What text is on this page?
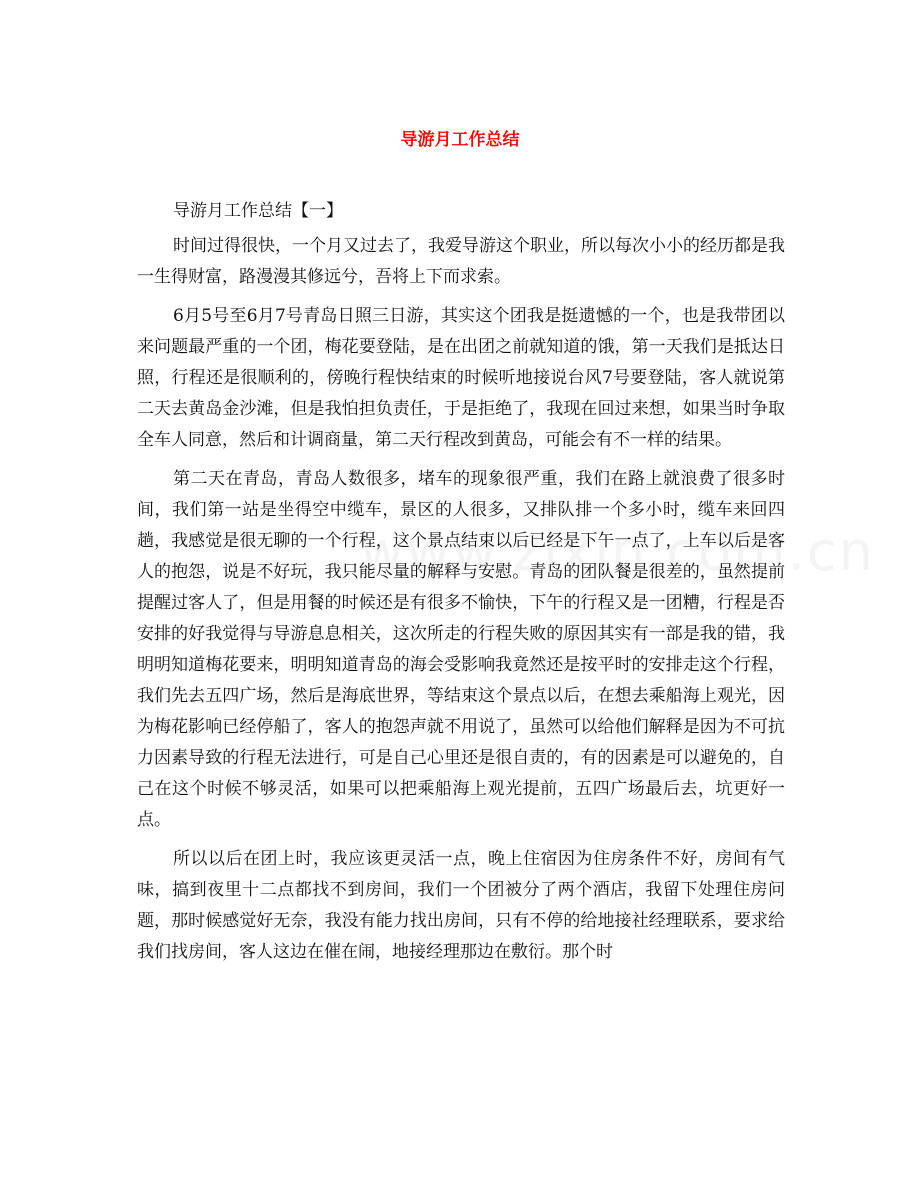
导游月工作总结

导游月工作总结【一】

时间过得很快，一个月又过去了，我爱导游这个职业，所以每次小小的经历都是我一生得财富，路漫漫其修远兮，吾将上下而求索。

6月5号至6月7号青岛日照三日游，其实这个团我是挺遗憾的一个，也是我带团以来问题最严重的一个团，梅花要登陆，是在出团之前就知道的饿，第一天我们是抵达日照，行程还是很顺利的，傍晚行程快结束的时候听地接说台风7号要登陆，客人就说第二天去黄岛金沙滩，但是我怕担负责任，于是拒绝了，我现在回过来想，如果当时争取全车人同意，然后和计调商量，第二天行程改到黄岛，可能会有不一样的结果。

第二天在青岛，青岛人数很多，堵车的现象很严重，我们在路上就浪费了很多时间，我们第一站是坐得空中缆车，景区的人很多，又排队排一个多小时，缆车来回四趟，我感觉是很无聊的一个行程，这个景点结束以后已经是下午一点了，上车以后是客人的抱怨，说是不好玩，我只能尽量的解释与安慰。青岛的团队餐是很差的，虽然提前提醒过客人了，但是用餐的时候还是有很多不愉快，下午的行程又是一团糟，行程是否安排的好我觉得与导游息息相关，这次所走的行程失败的原因其实有一部是我的错，我明明知道梅花要来，明明知道青岛的海会受影响我竟然还是按平时的安排走这个行程，我们先去五四广场，然后是海底世界，等结束这个景点以后，在想去乘船海上观光，因为梅花影响已经停船了，客人的抱怨声就不用说了，虽然可以给他们解释是因为不可抗力因素导致的行程无法进行，可是自己心里还是很自责的，有的因素是可以避免的，自己在这个时候不够灵活，如果可以把乘船海上观光提前，五四广场最后去，坑更好一点。

所以以后在团上时，我应该更灵活一点，晚上住宿因为住房条件不好，房间有气味，搞到夜里十二点都找不到房间，我们一个团被分了两个酒店，我留下处理住房问题，那时候感觉好无奈，我没有能力找出房间，只有不停的给地接社经理联系，要求给我们找房间，客人这边在催在闹，地接经理那边在敷衍。那个时
